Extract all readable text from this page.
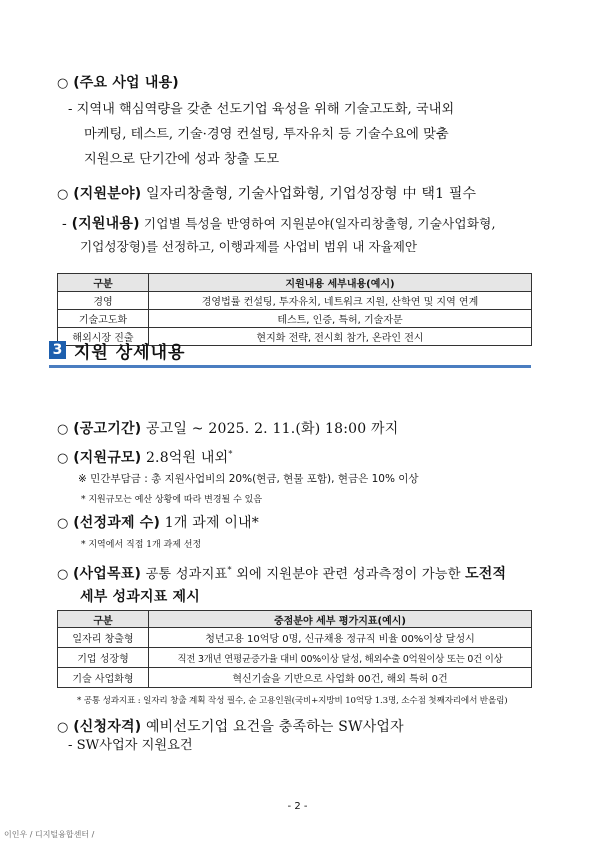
○ (주요 사업 내용)
- 지역내 핵심역량을 갖춘 선도기업 육성을 위해 기술고도화, 국내외
마케팅, 테스트, 기술·경영 컨설팅, 투자유치 등 기술수요에 맞춤
지원으로 단기간에 성과 창출 도모
○ (지원분야) 일자리창출형, 기술사업화형, 기업성장형 中 택1 필수
- (지원내용) 기업별 특성을 반영하여 지원분야(일자리창출형, 기술사업화형,
기업성장형)를 선정하고, 이행과제를 사업비 범위 내 자율제안
구분	지원내용 세부내용(예시)
경영	경영법률 컨설팅, 투자유치, 네트워크 지원, 산학연 및 지역 연계
기술고도화	테스트, 인증, 특허, 기술자문
해외시장 진출	현지화 전략, 전시회 참가, 온라인 전시
3 지원 상세내용
○ (공고기간) 공고일 ~ 2025. 2. 11.(화) 18:00 까지
○ (지원규모) 2.8억원 내외*
※ 민간부담금 : 총 지원사업비의 20%(현금, 현물 포함), 현금은 10% 이상
* 지원규모는 예산 상황에 따라 변경될 수 있음
○ (선정과제 수) 1개 과제 이내*
* 지역에서 직접 1개 과제 선정
○ (사업목표) 공통 성과지표* 외에 지원분야 관련 성과측정이 가능한 도전적
세부 성과지표 제시
구분	중점분야 세부 평가지표(예시)
일자리 창출형	청년고용 10억당 0명, 신규채용 정규직 비율 00%이상 달성시
기업 성장형	직전 3개년 연평균증가율 대비 00%이상 달성, 해외수출 0억원이상 또는 0건 이상
기술 사업화형	혁신기술을 기반으로 사업화 00건, 해외 특허 0건
* 공통 성과지표 : 일자리 창출 계획 작성 필수, 순 고용인원(국비+지방비 10억당 1.3명, 소수점 첫째자리에서 반올림)
○ (신청자격) 예비선도기업 요건을 충족하는 SW사업자
- SW사업자 지원요건
- 2 -
이인우 / 디지털융합센터 /
